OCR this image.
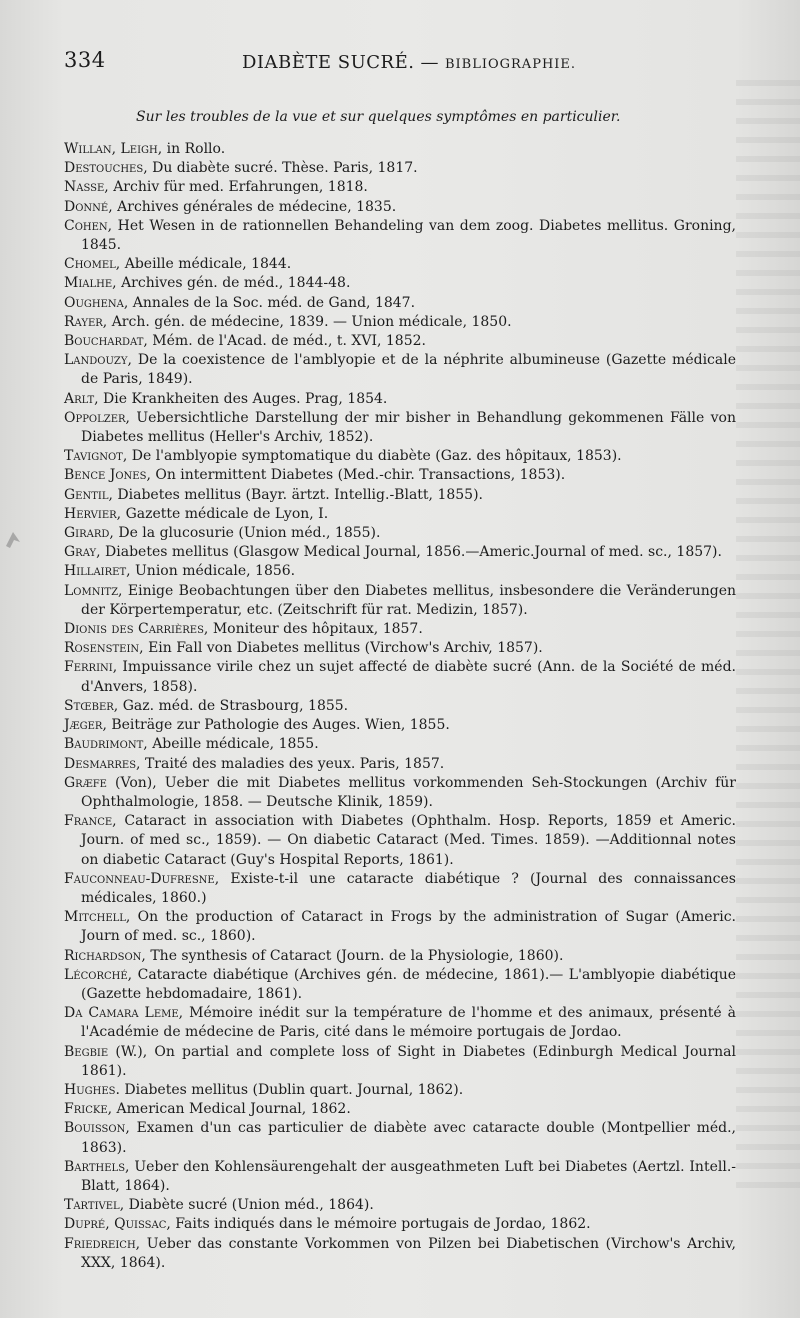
334	DIABÈTE SUCRÉ. — BIBLIOGRAPHIE.
Sur les troubles de la vue et sur quelques symptômes en particulier.

Willan, Leigh, in Rollo.

Destouches, Du diabète sucré. Thèse. Paris, 1817.

Nasse, Archiv für med. Erfahrungen, 1818.

Donné, Archives générales de médecine, 1835.

Cohen, Het Wesen in de rationnellen Behandeling van dem zoog. Diabetes mellitus. Groning, 1845.

Chomel, Abeille médicale, 1844.

Mialhe, Archives gén. de méd., 1844-48.

Oughena, Annales de la Soc. méd. de Gand, 1847.

Rayer, Arch. gén. de médecine, 1839. — Union médicale, 1850.

Bouchardat, Mém. de l'Acad. de méd., t. XVI, 1852.

Landouzy, De la coexistence de l'amblyopie et de la néphrite albumineuse (Gazette médicale de Paris, 1849).

Arlt, Die Krankheiten des Auges. Prag, 1854.

Oppolzer, Uebersichtliche Darstellung der mir bisher in Behandlung gekommenen Fälle von Diabetes mellitus (Heller's Archiv, 1852).

Tavignot, De l'amblyopie symptomatique du diabète (Gaz. des hôpitaux, 1853).

Bence Jones, On intermittent Diabetes (Med.-chir. Transactions, 1853).

Gentil, Diabetes mellitus (Bayr. ärtzt. Intellig.-Blatt, 1855).

Hervier, Gazette médicale de Lyon, I.

Girard, De la glucosurie (Union méd., 1855).

Gray, Diabetes mellitus (Glasgow Medical Journal, 1856.—Americ.Journal of med. sc., 1857).

Hillairet, Union médicale, 1856.

Lomnitz, Einige Beobachtungen über den Diabetes mellitus, insbesondere die Veränderungen der Körpertemperatur, etc. (Zeitschrift für rat. Medizin, 1857).

Dionis des Carrières, Moniteur des hôpitaux, 1857.

Rosenstein, Ein Fall von Diabetes mellitus (Virchow's Archiv, 1857).

Ferrini, Impuissance virile chez un sujet affecté de diabète sucré (Ann. de la Société de méd. d'Anvers, 1858).

Stœber, Gaz. méd. de Strasbourg, 1855.

Jæger, Beiträge zur Pathologie des Auges. Wien, 1855.

Baudrimont, Abeille médicale, 1855.

Desmarres, Traité des maladies des yeux. Paris, 1857.

Græfe (Von), Ueber die mit Diabetes mellitus vorkommenden Seh-Stockungen (Archiv für Ophthalmologie, 1858. — Deutsche Klinik, 1859).

France, Cataract in association with Diabetes (Ophthalm. Hosp. Reports, 1859 et Americ. Journ. of med sc., 1859). — On diabetic Cataract (Med. Times. 1859). —Additionnal notes on diabetic Cataract (Guy's Hospital Reports, 1861).

Fauconneau-Dufresne, Existe-t-il une cataracte diabétique ? (Journal des connaissances médicales, 1860.)

Mitchell, On the production of Cataract in Frogs by the administration of Sugar (Americ. Journ of med. sc., 1860).

Richardson, The synthesis of Cataract (Journ. de la Physiologie, 1860).

Lécorché, Cataracte diabétique (Archives gén. de médecine, 1861).— L'amblyopie diabétique (Gazette hebdomadaire, 1861).

Da Camara Leme, Mémoire inédit sur la température de l'homme et des animaux, présenté à l'Académie de médecine de Paris, cité dans le mémoire portugais de Jordao.

Begbie (W.), On partial and complete loss of Sight in Diabetes (Edinburgh Medical Journal 1861).

Hughes. Diabetes mellitus (Dublin quart. Journal, 1862).

Fricke, American Medical Journal, 1862.

Bouisson, Examen d'un cas particulier de diabète avec cataracte double (Montpellier méd., 1863).

Barthels, Ueber den Kohlensäurengehalt der ausgeathmeten Luft bei Diabetes (Aertzl. Intell.-Blatt, 1864).

Tartivel, Diabète sucré (Union méd., 1864).

Dupré, Quissac, Faits indiqués dans le mémoire portugais de Jordao, 1862.

Friedreich, Ueber das constante Vorkommen von Pilzen bei Diabetischen (Virchow's Archiv, XXX, 1864).
